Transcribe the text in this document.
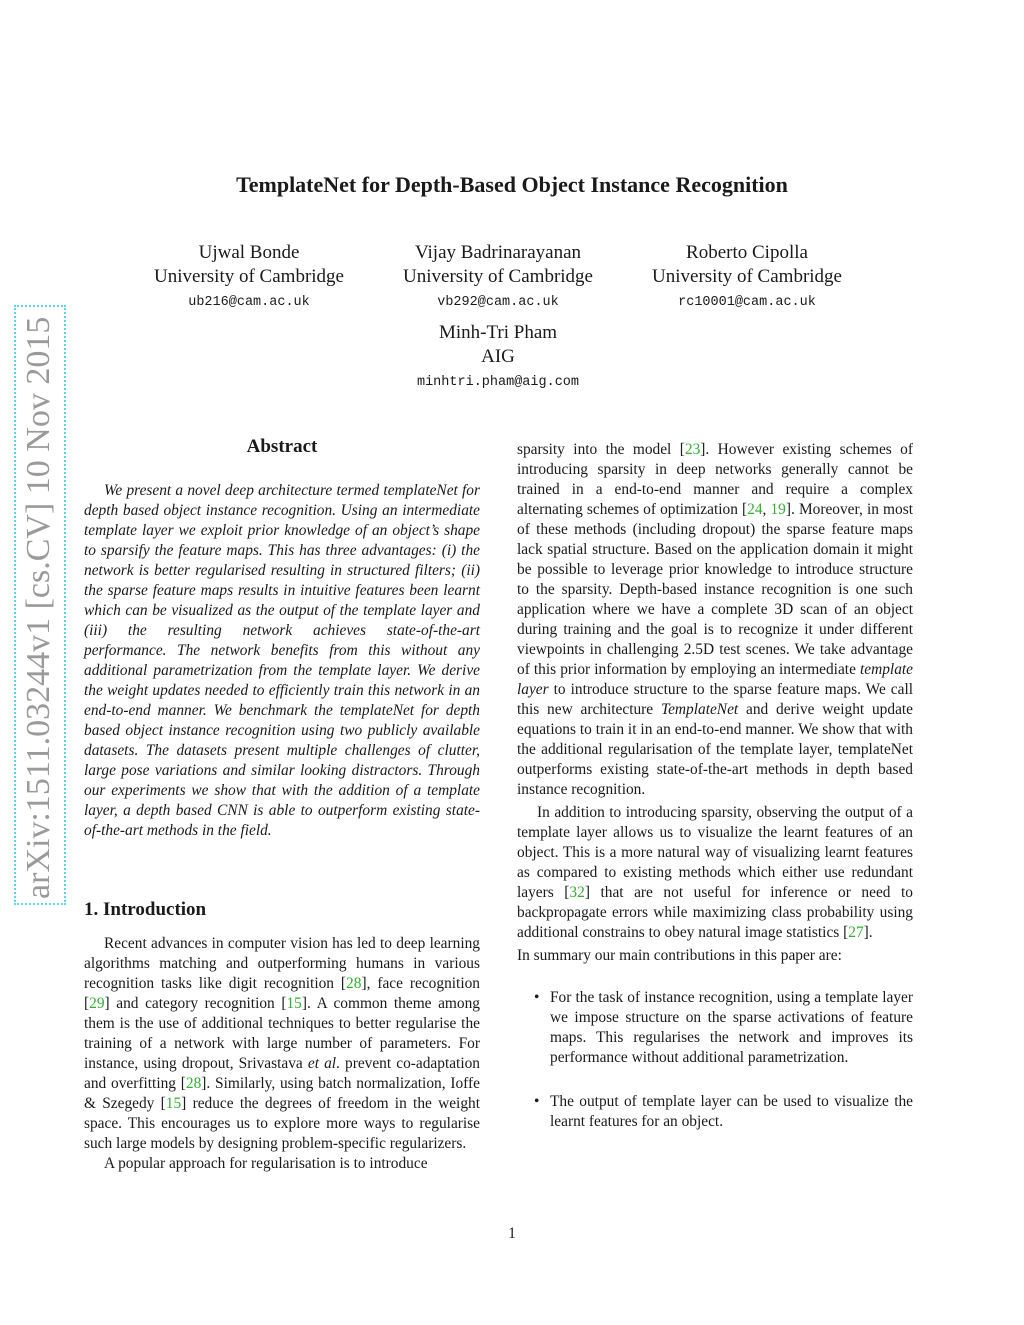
arXiv:1511.03244v1 [cs.CV] 10 Nov 2015
TemplateNet for Depth-Based Object Instance Recognition
Ujwal Bonde
University of Cambridge
ub216@cam.ac.uk
Vijay Badrinarayanan
University of Cambridge
vb292@cam.ac.uk
Roberto Cipolla
University of Cambridge
rc10001@cam.ac.uk
Minh-Tri Pham
AIG
minhtri.pham@aig.com
Abstract

We present a novel deep architecture termed templateNet for depth based object instance recognition. Using an intermediate template layer we exploit prior knowledge of an object’s shape to sparsify the feature maps. This has three advantages: (i) the network is better regularised resulting in structured filters; (ii) the sparse feature maps results in intuitive features been learnt which can be visualized as the output of the template layer and (iii) the resulting network achieves state-of-the-art performance. The network benefits from this without any additional parametrization from the template layer. We derive the weight updates needed to efficiently train this network in an end-to-end manner. We benchmark the templateNet for depth based object instance recognition using two publicly available datasets. The datasets present multiple challenges of clutter, large pose variations and similar looking distractors. Through our experiments we show that with the addition of a template layer, a depth based CNN is able to outperform existing state-of-the-art methods in the field.

1. Introduction

Recent advances in computer vision has led to deep learning algorithms matching and outperforming humans in various recognition tasks like digit recognition [28], face recognition [29] and category recognition [15]. A common theme among them is the use of additional techniques to better regularise the training of a network with large number of parameters. For instance, using dropout, Srivastava et al. prevent co-adaptation and overfitting [28]. Similarly, using batch normalization, Ioffe & Szegedy [15] reduce the degrees of freedom in the weight space. This encourages us to explore more ways to regularise such large models by designing problem-specific regularizers.

A popular approach for regularisation is to introduce

sparsity into the model [23]. However existing schemes of introducing sparsity in deep networks generally cannot be trained in a end-to-end manner and require a complex alternating schemes of optimization [24, 19]. Moreover, in most of these methods (including dropout) the sparse feature maps lack spatial structure. Based on the application domain it might be possible to leverage prior knowledge to introduce structure to the sparsity. Depth-based instance recognition is one such application where we have a complete 3D scan of an object during training and the goal is to recognize it under different viewpoints in challenging 2.5D test scenes. We take advantage of this prior information by employing an intermediate template layer to introduce structure to the sparse feature maps. We call this new architecture TemplateNet and derive weight update equations to train it in an end-to-end manner. We show that with the additional regularisation of the template layer, templateNet outperforms existing state-of-the-art methods in depth based instance recognition.

In addition to introducing sparsity, observing the output of a template layer allows us to visualize the learnt features of an object. This is a more natural way of visualizing learnt features as compared to existing methods which either use redundant layers [32] that are not useful for inference or need to backpropagate errors while maximizing class probability using additional constrains to obey natural image statistics [27].

In summary our main contributions in this paper are:

• For the task of instance recognition, using a template layer we impose structure on the sparse activations of feature maps. This regularises the network and improves its performance without additional parametrization.
• The output of template layer can be used to visualize the learnt features for an object.
1
